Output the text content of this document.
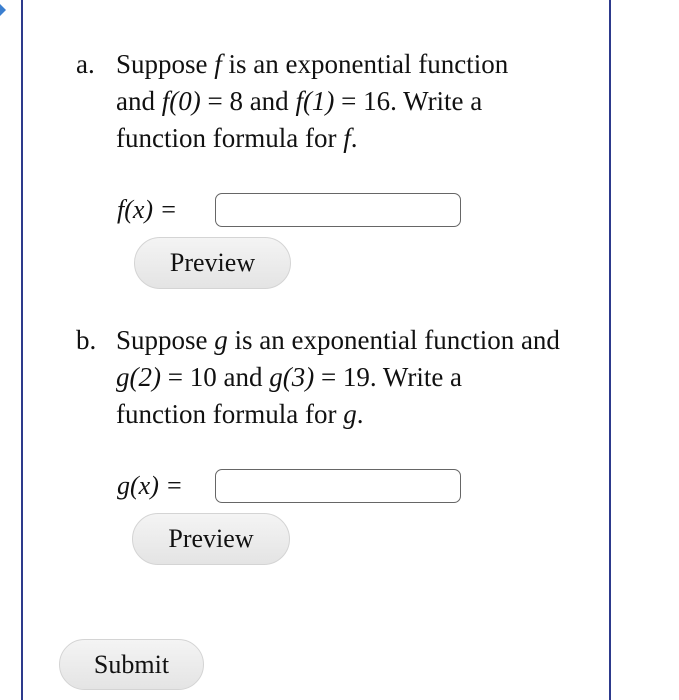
a. Suppose f is an exponential function
and f(0) = 8 and f(1) = 16. Write a
function formula for f.
f(x) =
Preview
b. Suppose g is an exponential function and
g(2) = 10 and g(3) = 19. Write a
function formula for g.
g(x) =
Preview
Submit
